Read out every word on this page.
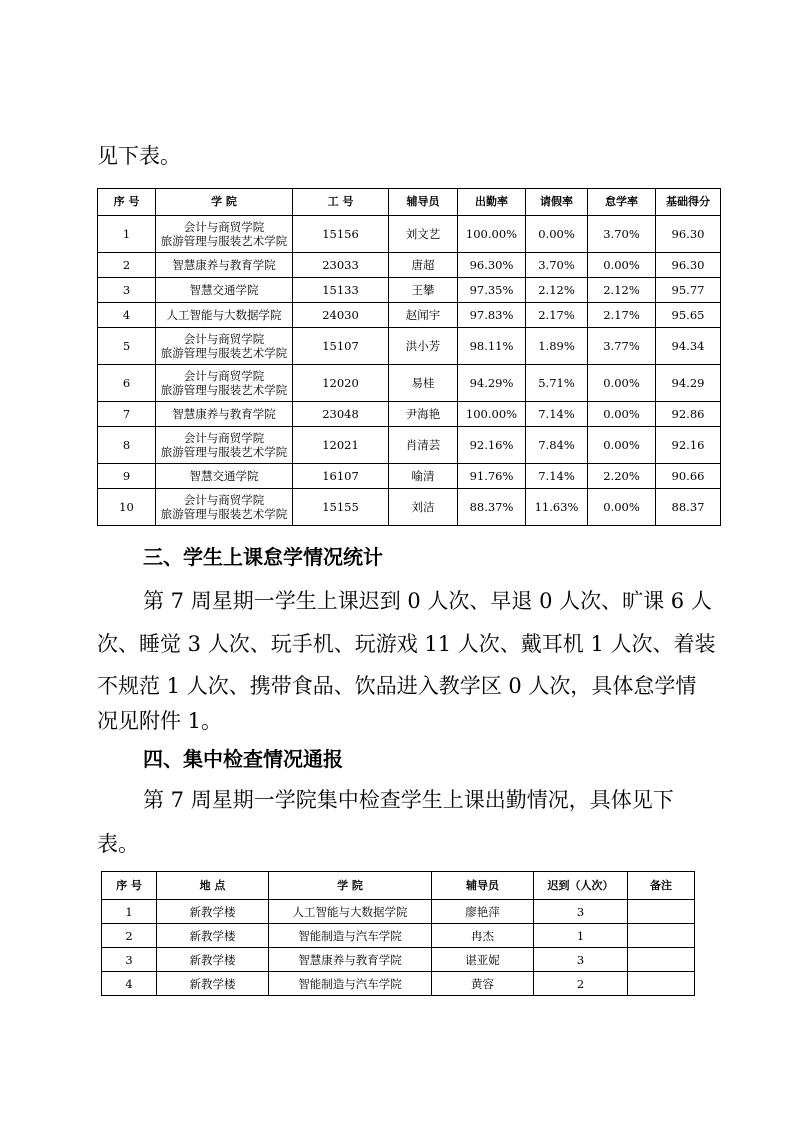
见下表。
序 号	学 院	工 号	辅导员	出勤率	请假率	怠学率	基础得分
1	会计与商贸学院
旅游管理与服装艺术学院	15156	刘文艺	100.00%	0.00%	3.70%	96.30
2	智慧康养与教育学院	23033	唐超	96.30%	3.70%	0.00%	96.30
3	智慧交通学院	15133	王攀	97.35%	2.12%	2.12%	95.77
4	人工智能与大数据学院	24030	赵闻宇	97.83%	2.17%	2.17%	95.65
5	会计与商贸学院
旅游管理与服装艺术学院	15107	洪小芳	98.11%	1.89%	3.77%	94.34
6	会计与商贸学院
旅游管理与服装艺术学院	12020	易桂	94.29%	5.71%	0.00%	94.29
7	智慧康养与教育学院	23048	尹海艳	100.00%	7.14%	0.00%	92.86
8	会计与商贸学院
旅游管理与服装艺术学院	12021	肖清芸	92.16%	7.84%	0.00%	92.16
9	智慧交通学院	16107	喻清	91.76%	7.14%	2.20%	90.66
10	会计与商贸学院
旅游管理与服装艺术学院	15155	刘洁	88.37%	11.63%	0.00%	88.37
三、学生上课怠学情况统计
第 7 周星期一学生上课迟到 0 人次、早退 0 人次、旷课 6 人
次、睡觉 3 人次、玩手机、玩游戏 11 人次、戴耳机 1 人次、着装
不规范 1 人次、携带食品、饮品进入教学区 0 人次，具体怠学情
况见附件 1。
四、集中检查情况通报
第 7 周星期一学院集中检查学生上课出勤情况，具体见下
表。
序 号	地 点	学 院	辅导员	迟到（人次）	备注
1	新教学楼	人工智能与大数据学院	廖艳萍	3	
2	新教学楼	智能制造与汽车学院	冉杰	1	
3	新教学楼	智慧康养与教育学院	谌亚妮	3	
4	新教学楼	智能制造与汽车学院	黄容	2	
